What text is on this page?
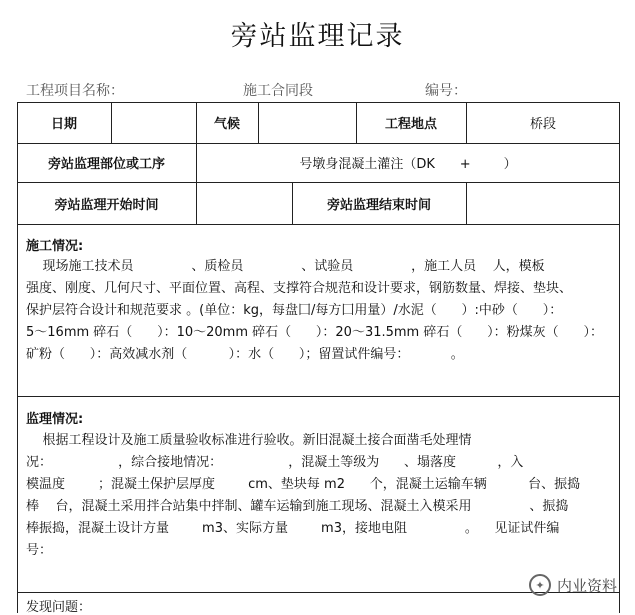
旁站监理记录
工程项目名称：	施工合同段	编号：
日期	气候	工程地点	桥段
旁站监理部位或工序	号墩身混凝土灌注（DK      +        ）
旁站监理开始时间	旁站监理结束时间
施工情况:
现场施工技术员              、质检员              、试验员              ，施工人员    人，模板
强度、刚度、几何尺寸、平面位置、高程、支撑符合规范和设计要求，钢筋数量、焊接、垫块、
保护层符合设计和规范要求 。(单位：kg，每盘囗/每方囗用量）/水泥（      ）:中砂（      ）：
5～16mm 碎石（      ）：10～20mm 碎石（      ）：20～31.5mm 碎石（      ）：粉煤灰（      ）：
矿粉（      ）：高效减水剂（          ）：水（      ）；留置试件编号：          。
监理情况:
根据工程设计及施工质量验收标准进行验收。新旧混凝土接合面凿毛处理情
况：                ，综合接地情况：                ，混凝土等级为      、塌落度          ，入
模温度        ；混凝土保护层厚度        cm、垫块每 m2      个，混凝土运输车辆          台、振捣
棒    台，混凝土采用拌合站集中拌制、罐车运输到施工现场、混凝土入模采用              、振捣
棒振捣，混凝土设计方量        m3、实际方量        m3，接地电阻              。    见证试件编
号：
发现问题：
✦ 内业资料
